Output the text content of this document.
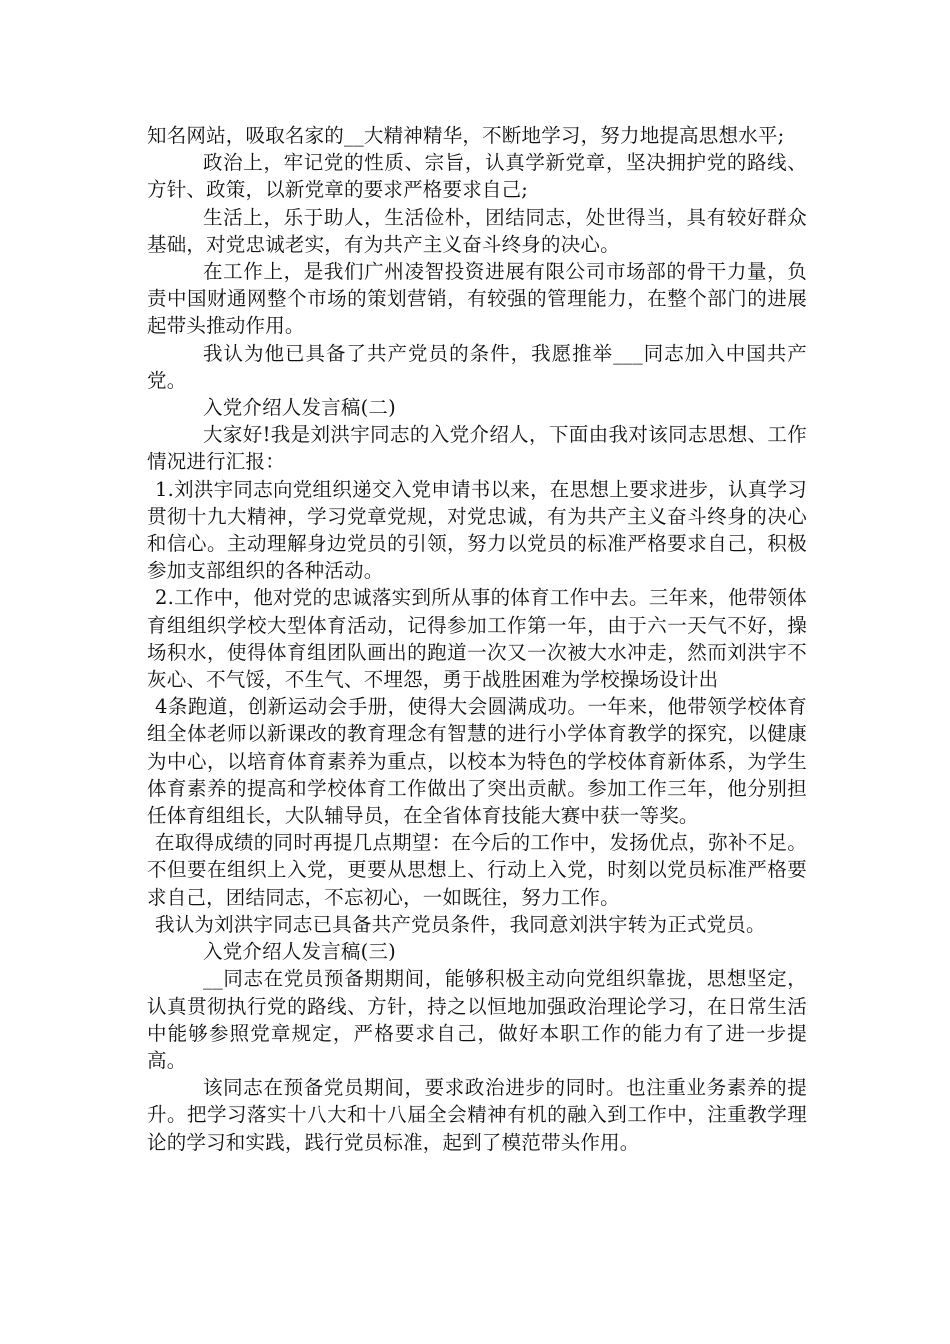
知名网站，吸取名家的__大精神精华，不断地学习，努力地提高思想水平;

政治上，牢记党的性质、宗旨，认真学新党章，坚决拥护党的路线、方针、政策，以新党章的要求严格要求自己;

生活上，乐于助人，生活俭朴，团结同志，处世得当，具有较好群众基础，对党忠诚老实，有为共产主义奋斗终身的决心。

在工作上，是我们广州凌智投资进展有限公司市场部的骨干力量，负责中国财通网整个市场的策划营销，有较强的管理能力，在整个部门的进展起带头推动作用。

我认为他已具备了共产党员的条件，我愿推举___同志加入中国共产党。

入党介绍人发言稿(二)

大家好!我是刘洪宇同志的入党介绍人，下面由我对该同志思想、工作情况进行汇报：

1.刘洪宇同志向党组织递交入党申请书以来，在思想上要求进步，认真学习贯彻十九大精神，学习党章党规，对党忠诚，有为共产主义奋斗终身的决心和信心。主动理解身边党员的引领，努力以党员的标准严格要求自己，积极参加支部组织的各种活动。

2.工作中，他对党的忠诚落实到所从事的体育工作中去。三年来，他带领体育组组织学校大型体育活动，记得参加工作第一年，由于六一天气不好，操场积水，使得体育组团队画出的跑道一次又一次被大水冲走，然而刘洪宇不灰心、不气馁，不生气、不埋怨，勇于战胜困难为学校操场设计出

4条跑道，创新运动会手册，使得大会圆满成功。一年来，他带领学校体育组全体老师以新课改的教育理念有智慧的进行小学体育教学的探究，以健康为中心，以培育体育素养为重点，以校本为特色的学校体育新体系，为学生体育素养的提高和学校体育工作做出了突出贡献。参加工作三年，他分别担任体育组组长，大队辅导员，在全省体育技能大赛中获一等奖。

在取得成绩的同时再提几点期望：在今后的工作中，发扬优点，弥补不足。不但要在组织上入党，更要从思想上、行动上入党，时刻以党员标准严格要求自己，团结同志，不忘初心，一如既往，努力工作。

我认为刘洪宇同志已具备共产党员条件，我同意刘洪宇转为正式党员。

入党介绍人发言稿(三)

__同志在党员预备期期间，能够积极主动向党组织靠拢，思想坚定，认真贯彻执行党的路线、方针，持之以恒地加强政治理论学习，在日常生活中能够参照党章规定，严格要求自己，做好本职工作的能力有了进一步提高。

该同志在预备党员期间，要求政治进步的同时。也注重业务素养的提升。把学习落实十八大和十八届全会精神有机的融入到工作中，注重教学理论的学习和实践，践行党员标准，起到了模范带头作用。
